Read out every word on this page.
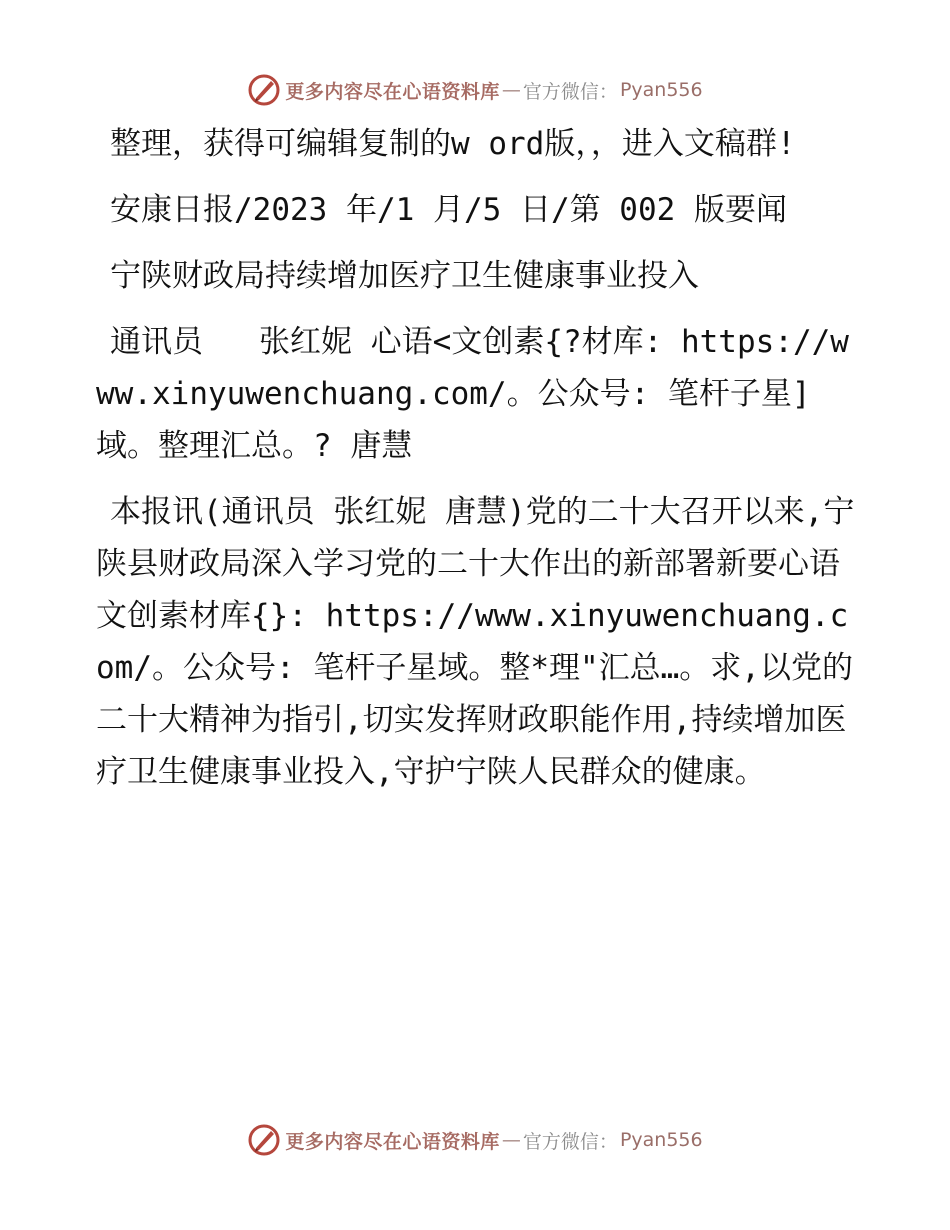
更多内容尽在心语资料库 — 官方微信： Pyan556

整理，获得可编辑复制的w ord版，，进入文稿群!

安康日报/2023 年/1 月/5 日/第 002 版要闻

宁陕财政局持续增加医疗卫生健康事业投入

通讯员   张红妮 心语<文创素{?材库: https://www.xinyuwenchuang.com/。公众号: 笔杆子星]域。整理汇总。? 唐慧

本报讯(通讯员 张红妮 唐慧)党的二十大召开以来,宁陕县财政局深入学习党的二十大作出的新部署新要心语文创素材库{}: https://www.xinyuwenchuang.com/。公众号: 笔杆子星域。整*理"汇总…。求,以党的二十大精神为指引,切实发挥财政职能作用,持续增加医疗卫生健康事业投入,守护宁陕人民群众的健康。

更多内容尽在心语资料库 — 官方微信： Pyan556
